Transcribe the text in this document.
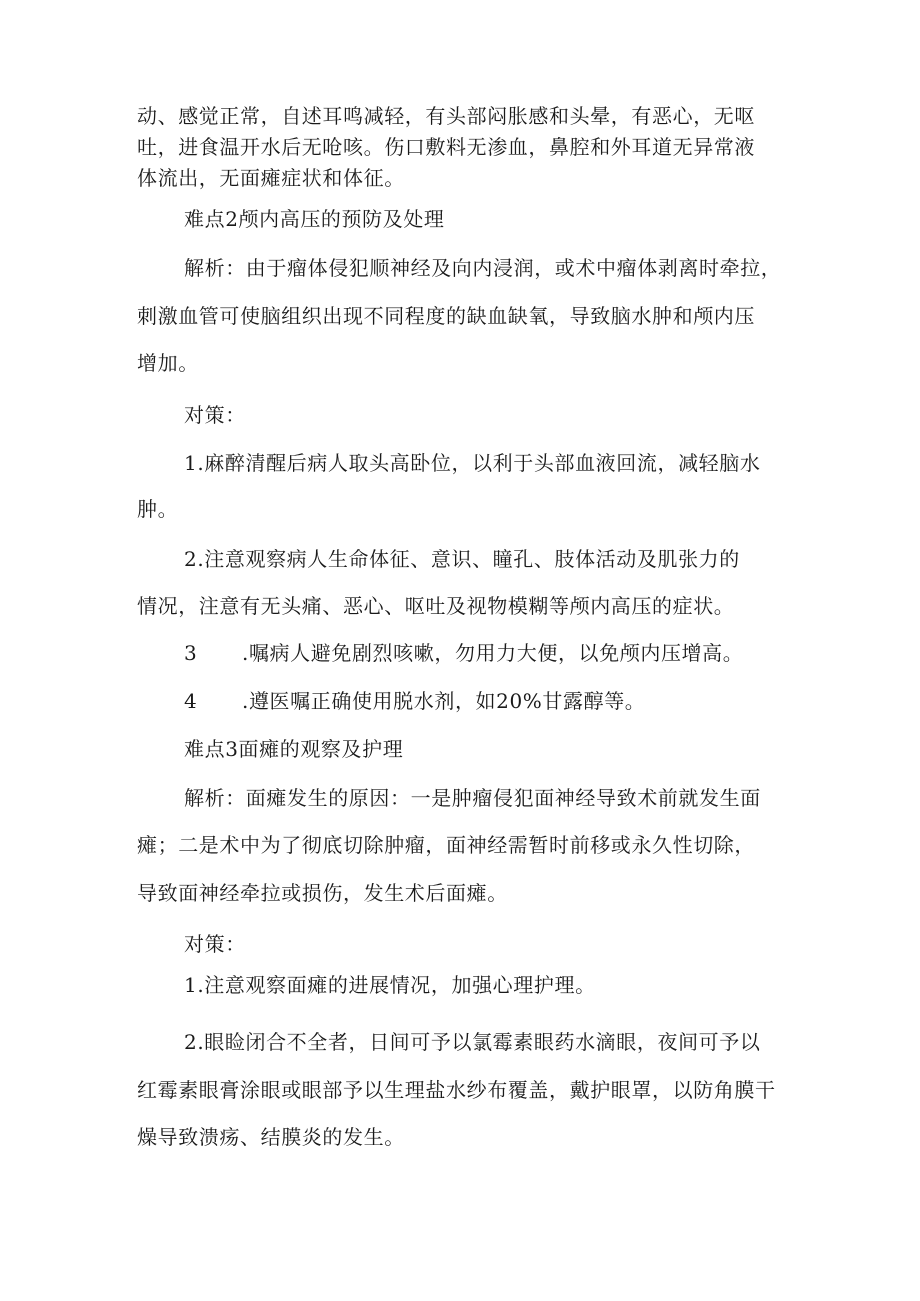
动、感觉正常，自述耳鸣减轻，有头部闷胀感和头晕，有恶心，无呕
吐，进食温开水后无呛咳。伤口敷料无渗血，鼻腔和外耳道无异常液
体流出，无面瘫症状和体征。
难点2颅内高压的预防及处理
解析：由于瘤体侵犯顺神经及向内浸润，或术中瘤体剥离时牵拉，
刺激血管可使脑组织出现不同程度的缺血缺氧，导致脑水肿和颅内压
增加。
对策：
1.麻醉清醒后病人取头高卧位，以利于头部血液回流，减轻脑水
肿。
2.注意观察病人生命体征、意识、瞳孔、肢体活动及肌张力的
情况，注意有无头痛、恶心、呕吐及视物模糊等颅内高压的症状。
3 .嘱病人避免剧烈咳嗽，勿用力大便，以免颅内压增高。
4 .遵医嘱正确使用脱水剂，如20%甘露醇等。
难点3面瘫的观察及护理
解析：面瘫发生的原因：一是肿瘤侵犯面神经导致术前就发生面
瘫；二是术中为了彻底切除肿瘤，面神经需暂时前移或永久性切除，
导致面神经牵拉或损伤，发生术后面瘫。
对策：
1.注意观察面瘫的进展情况，加强心理护理。
2.眼睑闭合不全者，日间可予以氯霉素眼药水滴眼，夜间可予以
红霉素眼膏涂眼或眼部予以生理盐水纱布覆盖，戴护眼罩，以防角膜干
燥导致溃疡、结膜炎的发生。
